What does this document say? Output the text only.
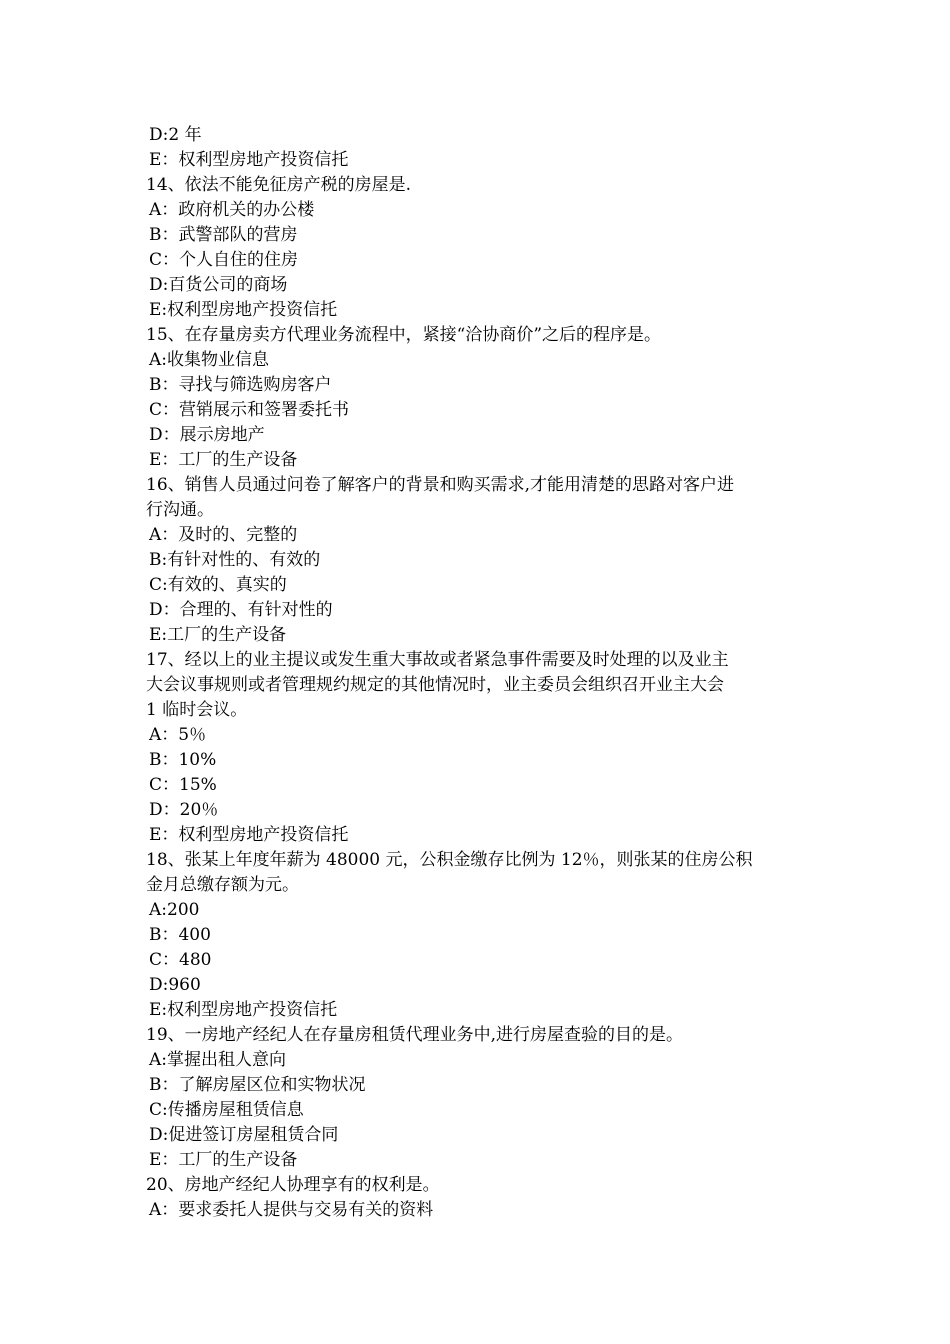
D:2 年
E：权利型房地产投资信托
14、依法不能免征房产税的房屋是.
A：政府机关的办公楼
B：武警部队的营房
C：个人自住的住房
D:百货公司的商场
E:权利型房地产投资信托
15、在存量房卖方代理业务流程中，紧接“洽协商价”之后的程序是。
A:收集物业信息
B：寻找与筛选购房客户
C：营销展示和签署委托书
D：展示房地产
E：工厂的生产设备
16、销售人员通过问卷了解客户的背景和购买需求,才能用清楚的思路对客户进
行沟通。
A：及时的、完整的
B:有针对性的、有效的
C:有效的、真实的
D：合理的、有针对性的
E:工厂的生产设备
17、经以上的业主提议或发生重大事故或者紧急事件需要及时处理的以及业主
大会议事规则或者管理规约规定的其他情况时，业主委员会组织召开业主大会
1 临时会议。
A：5％
B：10%
C：15%
D：20％
E：权利型房地产投资信托
18、张某上年度年薪为 48000 元，公积金缴存比例为 12％，则张某的住房公积
金月总缴存额为元。
A:200
B：400
C：480
D:960
E:权利型房地产投资信托
19、一房地产经纪人在存量房租赁代理业务中,进行房屋查验的目的是。
A:掌握出租人意向
B：了解房屋区位和实物状况
C:传播房屋租赁信息
D:促进签订房屋租赁合同
E：工厂的生产设备
20、房地产经纪人协理享有的权利是。
A：要求委托人提供与交易有关的资料
